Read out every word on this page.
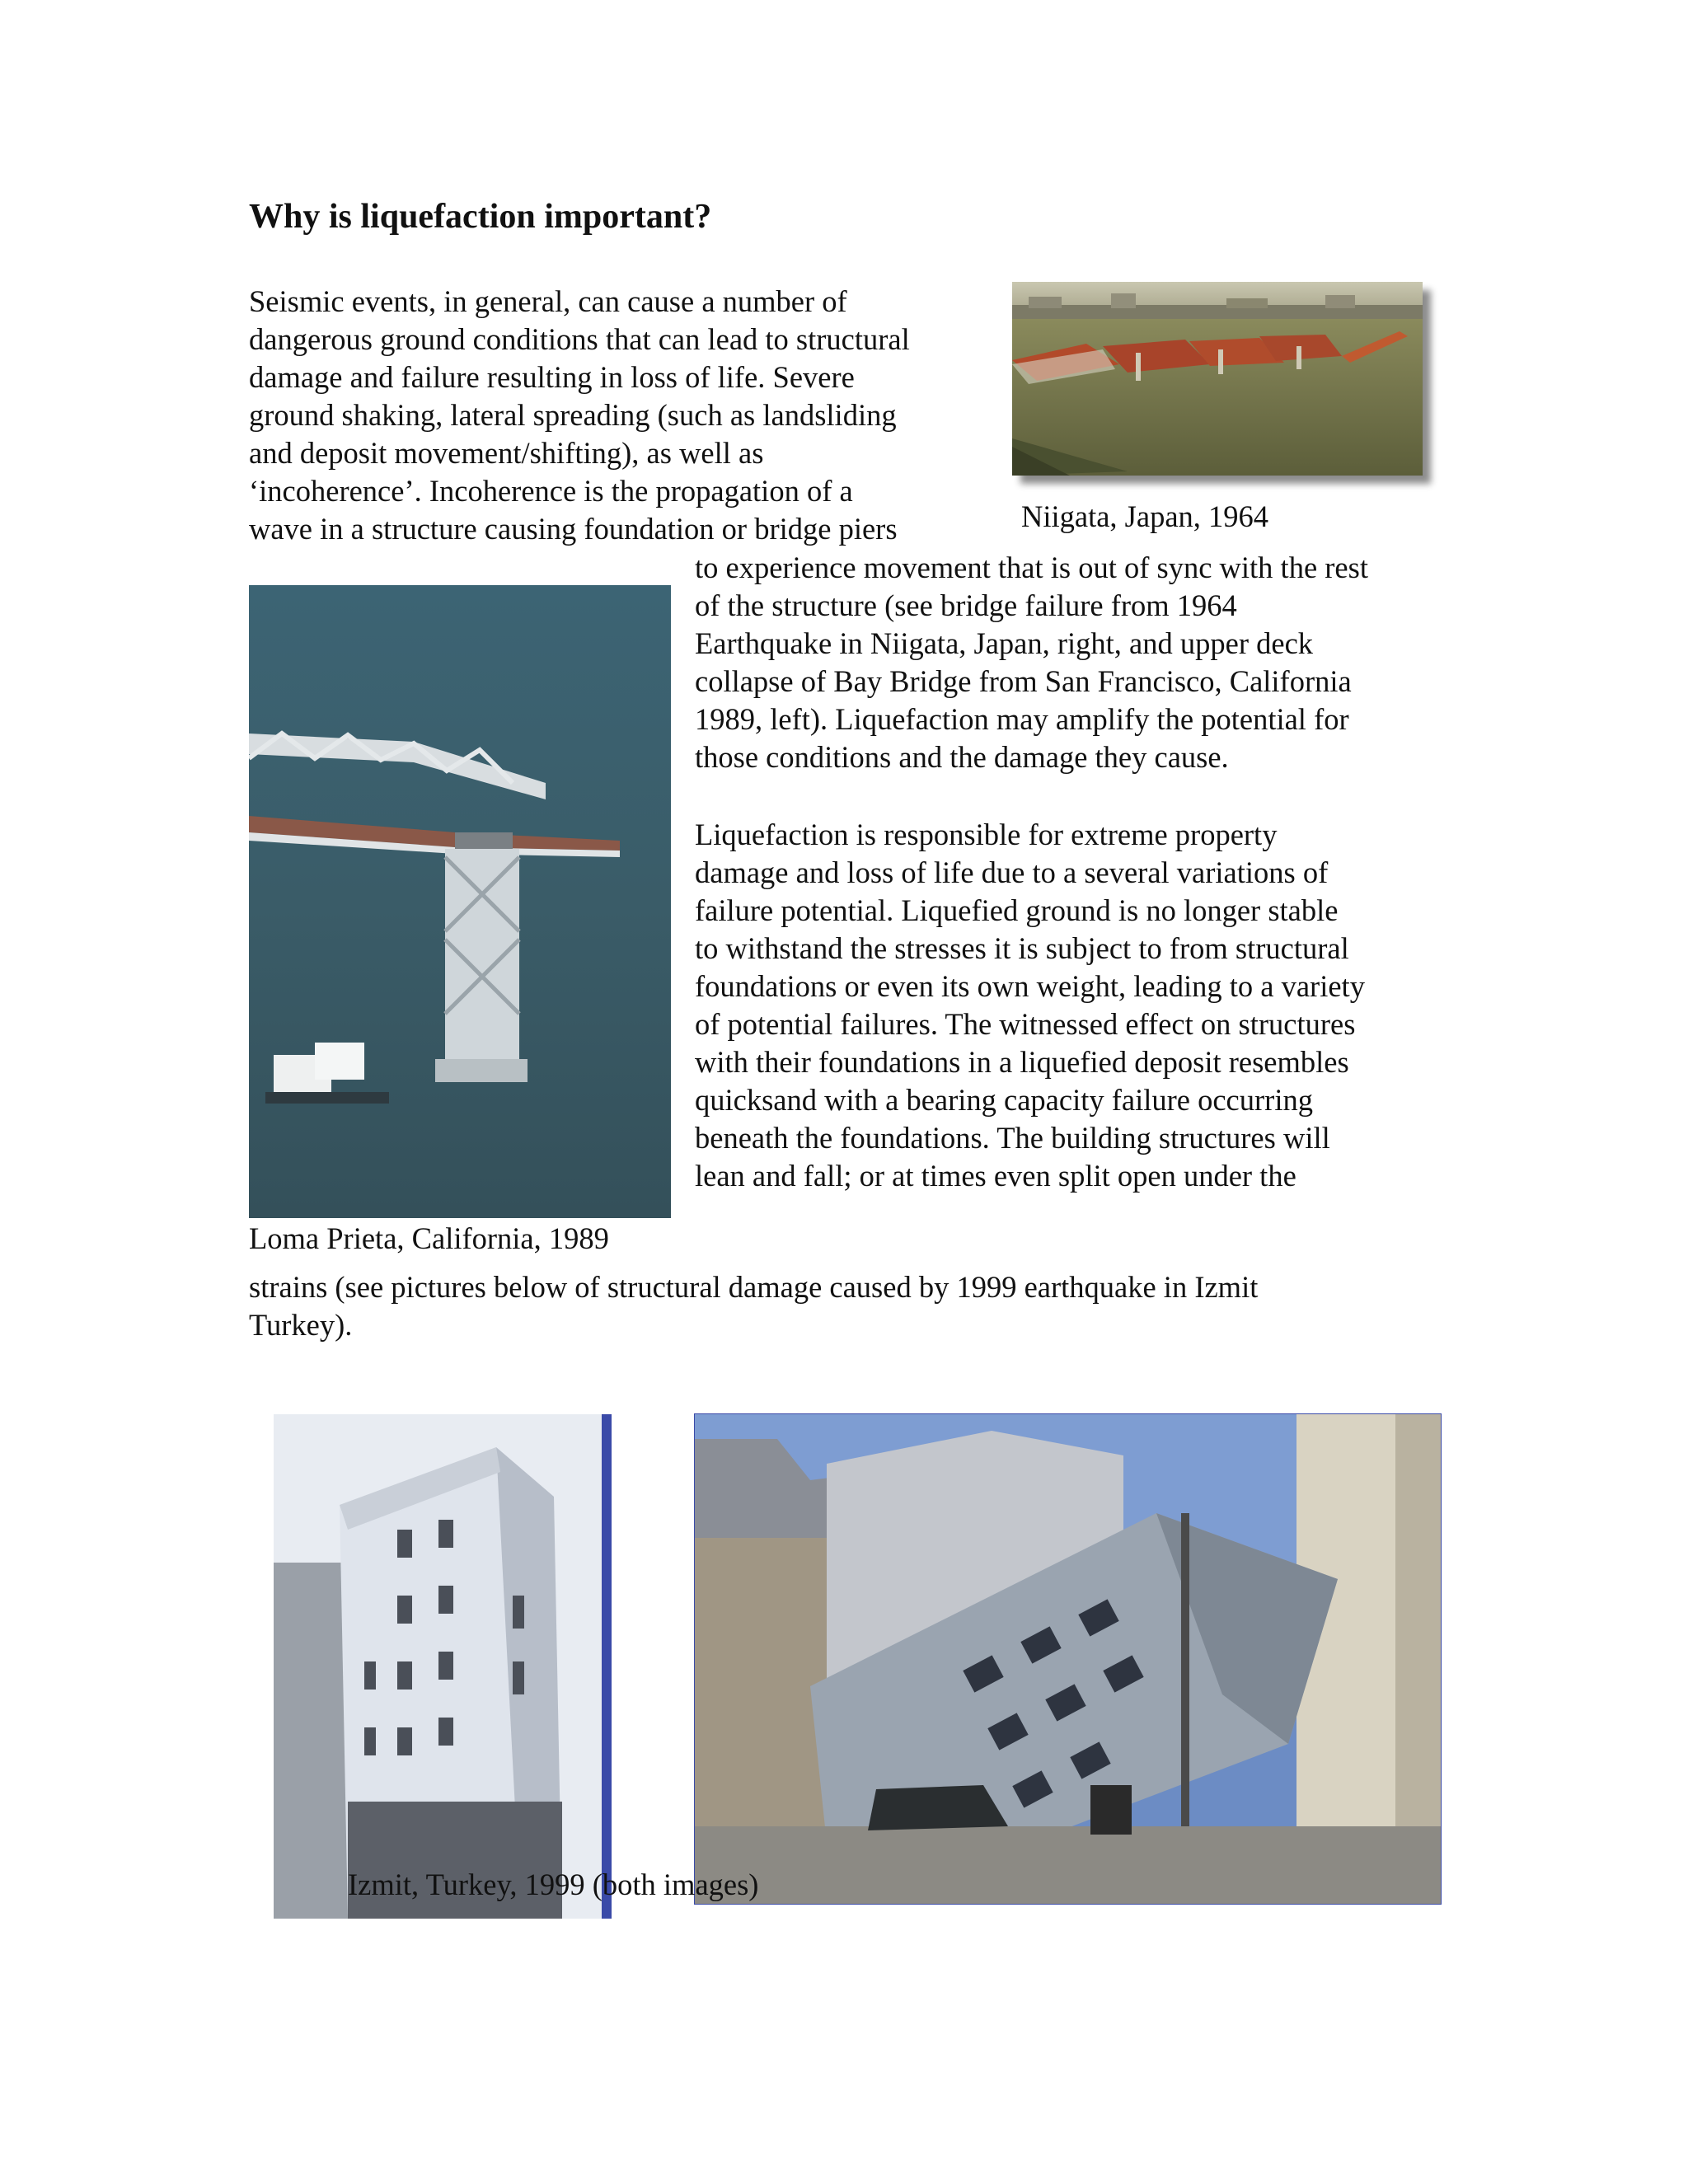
Why is liquefaction important?
Seismic events, in general, can cause a number of
dangerous ground conditions that can lead to structural
damage and failure resulting in loss of life. Severe
ground shaking, lateral spreading (such as landsliding
and deposit movement/shifting), as well as
‘incoherence’. Incoherence is the propagation of a
wave in a structure causing foundation or bridge piers
to experience movement that is out of sync with the rest
of the structure (see bridge failure from 1964
Earthquake in Niigata, Japan, right, and upper deck
collapse of Bay Bridge from San Francisco, California
1989, left). Liquefaction may amplify the potential for
those conditions and the damage they cause.
Liquefaction is responsible for extreme property
damage and loss of life due to a several variations of
failure potential. Liquefied ground is no longer stable
to withstand the stresses it is subject to from structural
foundations or even its own weight, leading to a variety
of potential failures. The witnessed effect on structures
with their foundations in a liquefied deposit resembles
quicksand with a bearing capacity failure occurring
beneath the foundations. The building structures will
lean and fall; or at times even split open under the
strains (see pictures below of structural damage caused by 1999 earthquake in Izmit
Turkey).
Niigata, Japan, 1964
Loma Prieta, California, 1989
Izmit, Turkey, 1999 (both images)
